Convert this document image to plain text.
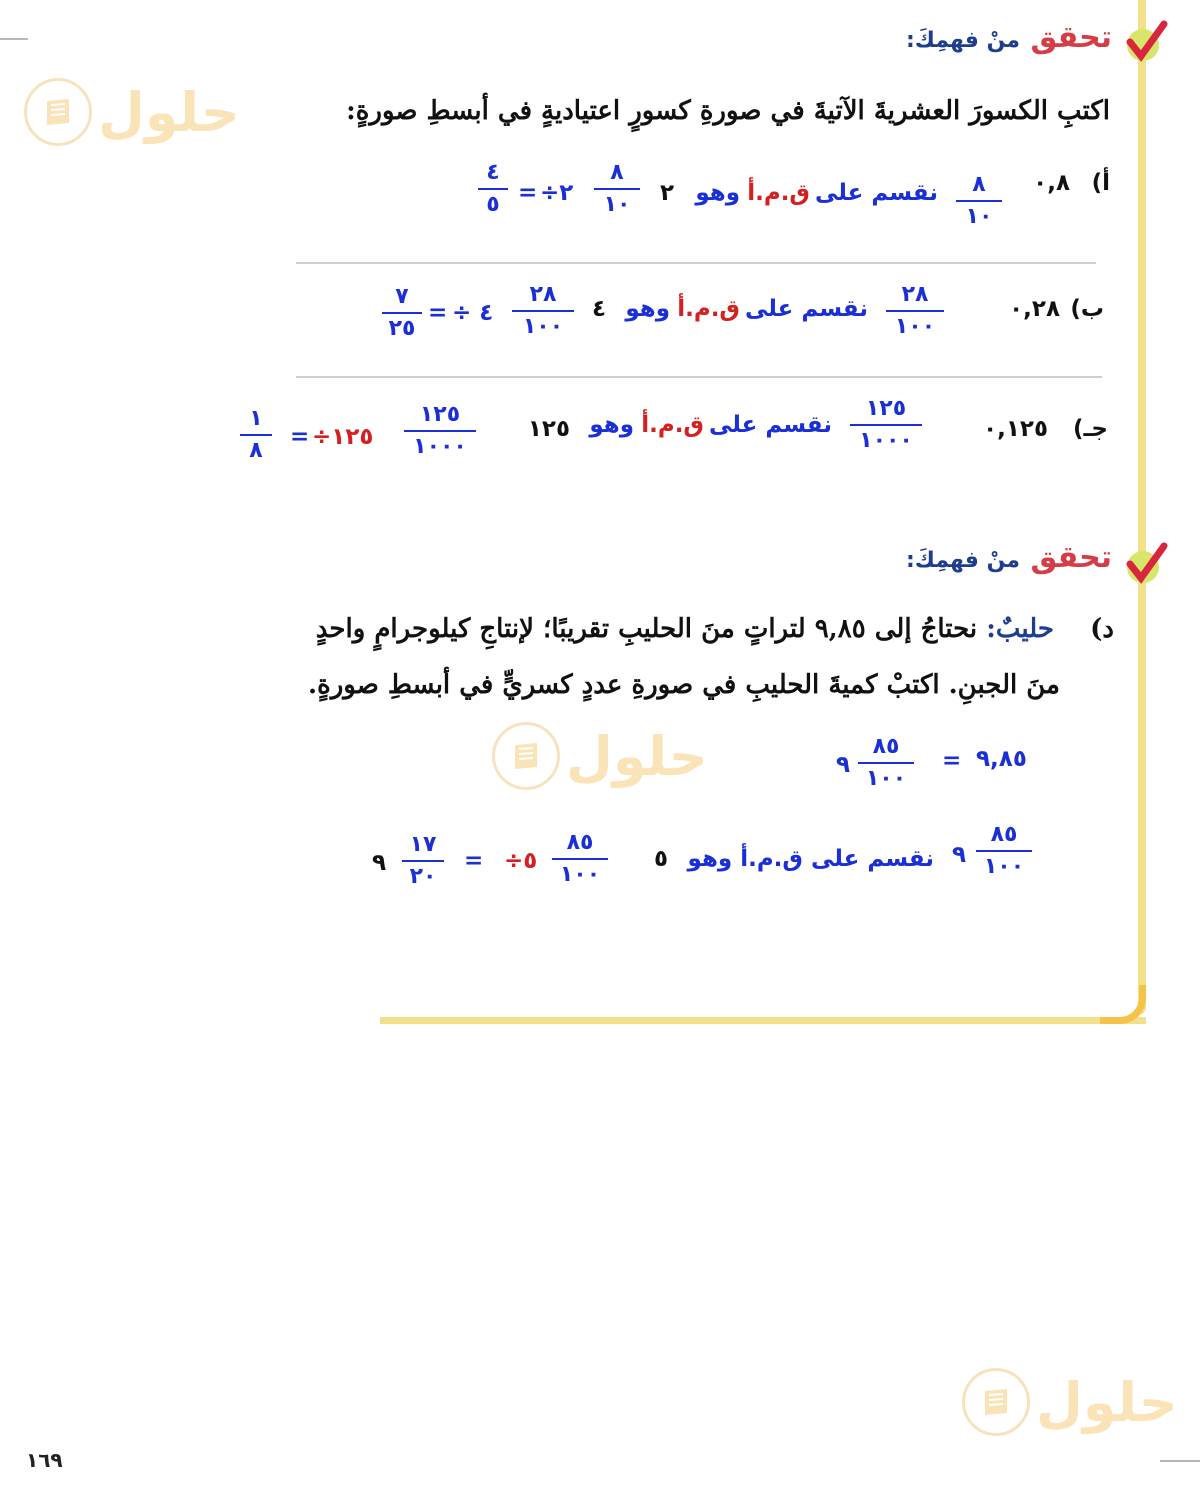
حلول
حلول
حلول
تحقق منْ فهمِكَ:
اكتبِ الكسورَ العشريةَ الآتيةَ في صورةِ كسورٍ اعتياديةٍ في أبسطِ صورةٍ:
أ)
٠,٨
٨
١٠
نقسم على
ق.م.أ
وهو
٢
٨
١٠
÷٢
=
٤
٥
ب)
٠,٢٨
٢٨
١٠٠
نقسم على
ق.م.أ
وهو
٤
٢٨
١٠٠
÷ ٤
=
٧
٢٥
جـ)
٠,١٢٥
١٢٥
١٠٠٠
نقسم على
ق.م.أ
وهو
١٢٥
١٢٥
١٠٠٠
÷١٢٥
=
١
٨
تحقق منْ فهمِكَ:
د)    حليبٌ: نحتاجُ إلى ٩,٨٥ لتراتٍ منَ الحليبِ تقريبًا؛ لإنتاجِ كيلوجرامٍ واحدٍ
منَ الجبنِ. اكتبْ كميةَ الحليبِ في صورةِ عددٍ كسريٍّ في أبسطِ صورةٍ.
٩,٨٥
=
٨٥
١٠٠
٩
٨٥
١٠٠
٩
نقسم على ق.م.أ وهو
٥
٨٥
١٠٠
÷٥
=
١٧
٢٠
٩
١٦٩
